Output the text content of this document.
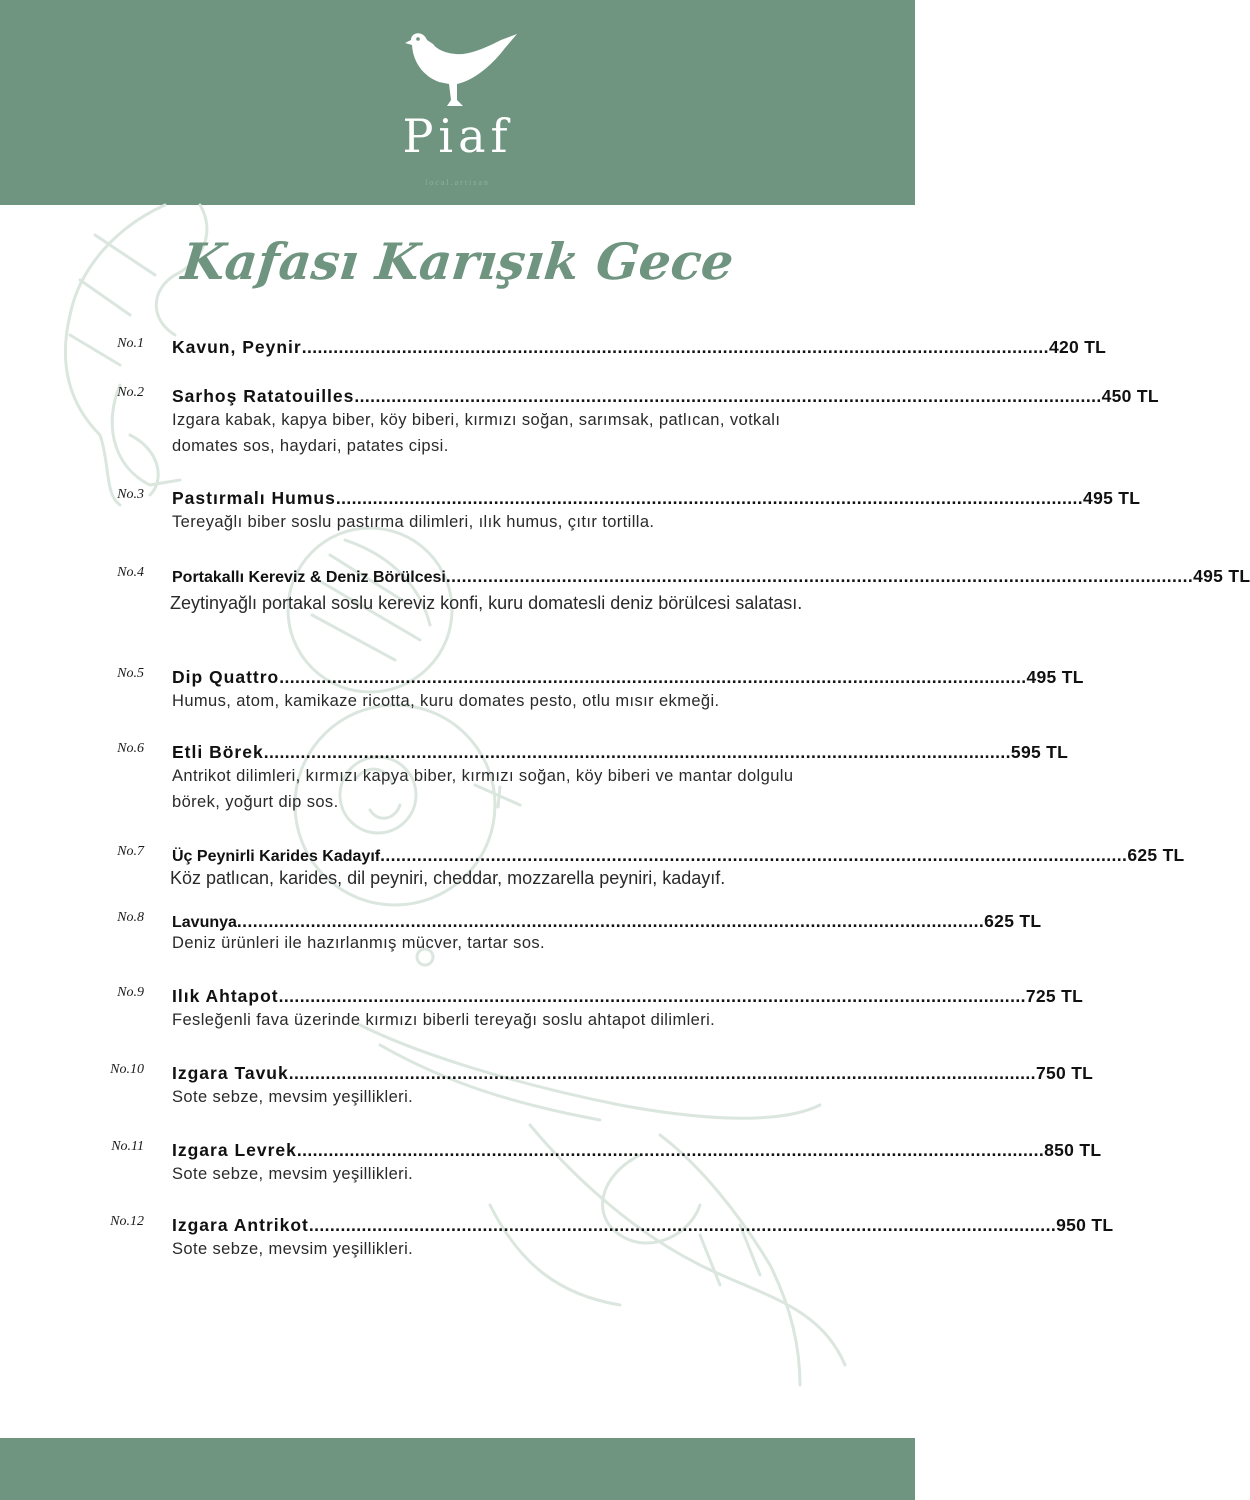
Piaf
local.artisan
Kafası Karışık Gece
No.1 Kavun, Peynir .............................................................................................................................................. 420 TL
No.2 Sarhoş Ratatouilles .............................................................................................................................................. 450 TL
Izgara kabak, kapya biber, köy biberi, kırmızı soğan, sarımsak, patlıcan, votkalı domates sos, haydari, patates cipsi.
No.3 Pastırmalı Humus .............................................................................................................................................. 495 TL
Tereyağlı biber soslu pastırma dilimleri, ılık humus, çıtır tortilla.
No.4 Portakallı Kereviz & Deniz Börülcesi .............................................................................................................................................. 495 TL
Zeytinyağlı portakal soslu kereviz konfi, kuru domatesli deniz börülcesi salatası.
No.5 Dip Quattro .............................................................................................................................................. 495 TL
Humus, atom, kamikaze ricotta, kuru domates pesto, otlu mısır ekmeği.
No.6 Etli Börek .............................................................................................................................................. 595 TL
Antrikot dilimleri, kırmızı kapya biber, kırmızı soğan, köy biberi ve mantar dolgulu börek, yoğurt dip sos.
No.7 Üç Peynirli Karides Kadayıf .............................................................................................................................................. 625 TL
Köz patlıcan, karides, dil peyniri, cheddar, mozzarella peyniri, kadayıf.
No.8 Lavunya .............................................................................................................................................. 625 TL
Deniz ürünleri ile hazırlanmış mücver, tartar sos.
No.9 Ilık Ahtapot .............................................................................................................................................. 725 TL
Fesleğenli fava üzerinde kırmızı biberli tereyağı soslu ahtapot dilimleri.
No.10 Izgara Tavuk .............................................................................................................................................. 750 TL
Sote sebze, mevsim yeşillikleri.
No.11 Izgara Levrek .............................................................................................................................................. 850 TL
Sote sebze, mevsim yeşillikleri.
No.12 Izgara Antrikot .............................................................................................................................................. 950 TL
Sote sebze, mevsim yeşillikleri.
